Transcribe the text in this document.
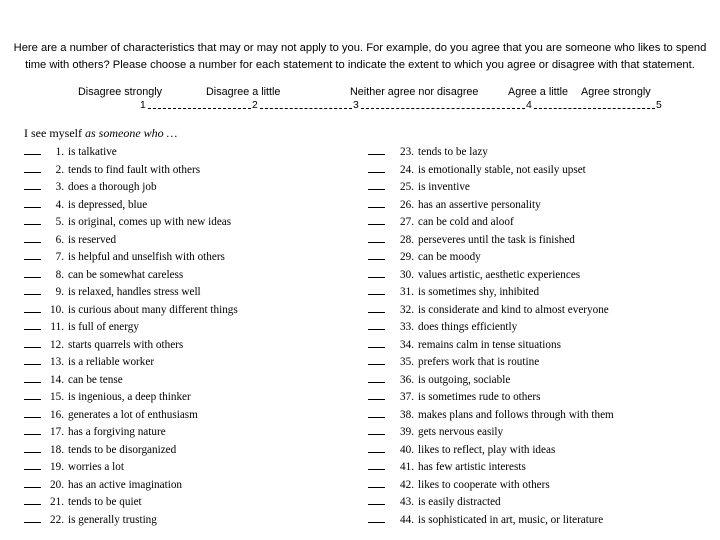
Here are a number of characteristics that may or may not apply to you. For example, do you agree that you are someone who likes to spend time with others? Please choose a number for each statement to indicate the extent to which you agree or disagree with that statement.

Disagree strongly	Disagree a little	Neither agree nor disagree	Agree a little Agree strongly
1	2	3	4	5

I see myself as someone who …

1. is talkative
2. tends to find fault with others
3. does a thorough job
4. is depressed, blue
5. is original, comes up with new ideas
6. is reserved
7. is helpful and unselfish with others
8. can be somewhat careless
9. is relaxed, handles stress well
10. is curious about many different things
11. is full of energy
12. starts quarrels with others
13. is a reliable worker
14. can be tense
15. is ingenious, a deep thinker
16. generates a lot of enthusiasm
17. has a forgiving nature
18. tends to be disorganized
19. worries a lot
20. has an active imagination
21. tends to be quiet
22. is generally trusting
23. tends to be lazy
24. is emotionally stable, not easily upset
25. is inventive
26. has an assertive personality
27. can be cold and aloof
28. perseveres until the task is finished
29. can be moody
30. values artistic, aesthetic experiences
31. is sometimes shy, inhibited
32. is considerate and kind to almost everyone
33. does things efficiently
34. remains calm in tense situations
35. prefers work that is routine
36. is outgoing, sociable
37. is sometimes rude to others
38. makes plans and follows through with them
39. gets nervous easily
40. likes to reflect, play with ideas
41. has few artistic interests
42. likes to cooperate with others
43. is easily distracted
44. is sophisticated in art, music, or literature
